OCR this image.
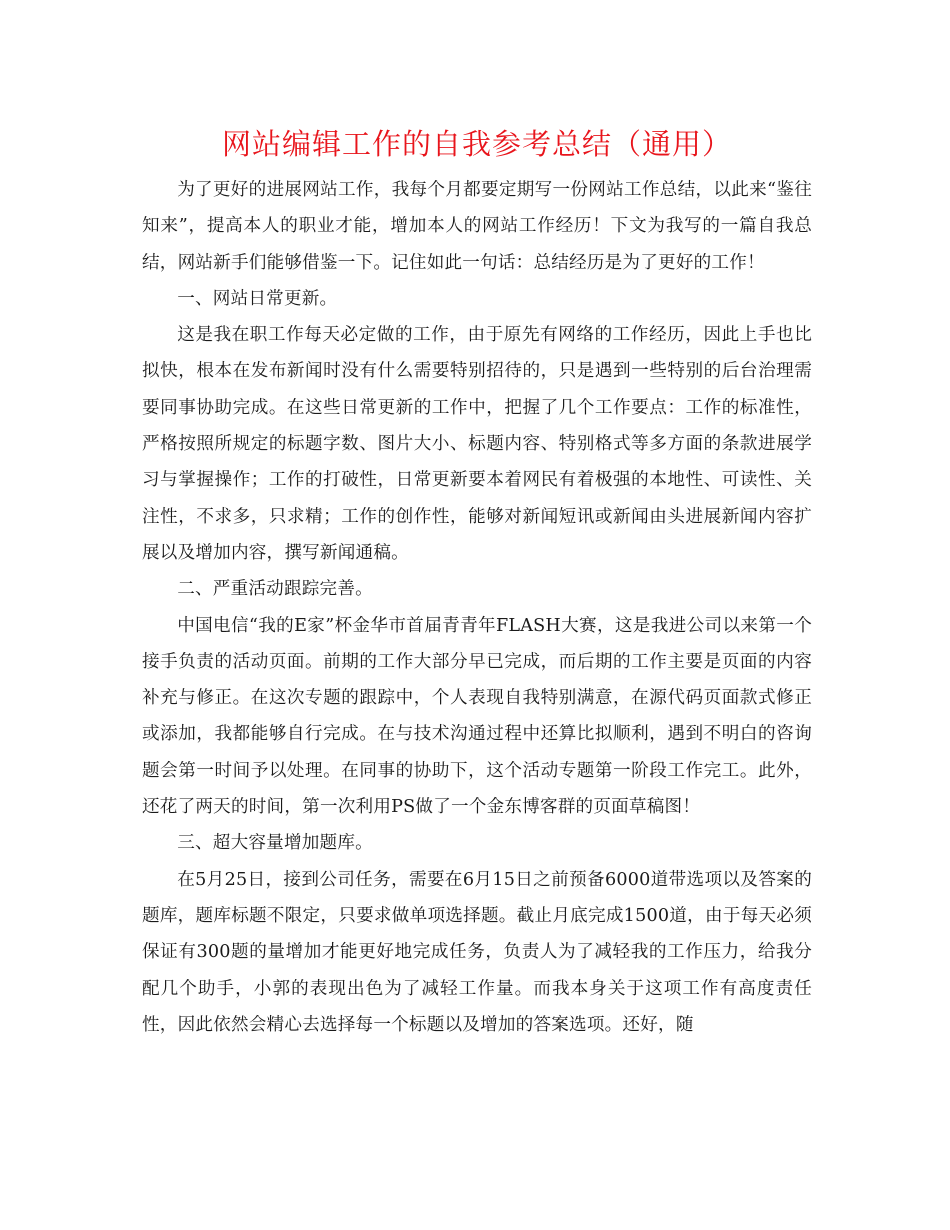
网站编辑工作的自我参考总结（通用）

为了更好的进展网站工作，我每个月都要定期写一份网站工作总结，以此来“鉴往知来”，提高本人的职业才能，增加本人的网站工作经历！下文为我写的一篇自我总结，网站新手们能够借鉴一下。记住如此一句话：总结经历是为了更好的工作！

一、网站日常更新。

这是我在职工作每天必定做的工作，由于原先有网络的工作经历，因此上手也比拟快，根本在发布新闻时没有什么需要特别招待的，只是遇到一些特别的后台治理需要同事协助完成。在这些日常更新的工作中，把握了几个工作要点：工作的标准性，严格按照所规定的标题字数、图片大小、标题内容、特别格式等多方面的条款进展学习与掌握操作；工作的打破性，日常更新要本着网民有着极强的本地性、可读性、关注性，不求多，只求精；工作的创作性，能够对新闻短讯或新闻由头进展新闻内容扩展以及增加内容，撰写新闻通稿。

二、严重活动跟踪完善。

中国电信“我的E家”杯金华市首届青青年FLASH大赛，这是我进公司以来第一个接手负责的活动页面。前期的工作大部分早已完成，而后期的工作主要是页面的内容补充与修正。在这次专题的跟踪中，个人表现自我特别满意，在源代码页面款式修正或添加，我都能够自行完成。在与技术沟通过程中还算比拟顺利，遇到不明白的咨询题会第一时间予以处理。在同事的协助下，这个活动专题第一阶段工作完工。此外，还花了两天的时间，第一次利用PS做了一个金东博客群的页面草稿图！

三、超大容量增加题库。

在5月25日，接到公司任务，需要在6月15日之前预备6000道带选项以及答案的题库，题库标题不限定，只要求做单项选择题。截止月底完成1500道，由于每天必须保证有300题的量增加才能更好地完成任务，负责人为了减轻我的工作压力，给我分配几个助手，小郭的表现出色为了减轻工作量。而我本身关于这项工作有高度责任性，因此依然会精心去选择每一个标题以及增加的答案选项。还好，随
